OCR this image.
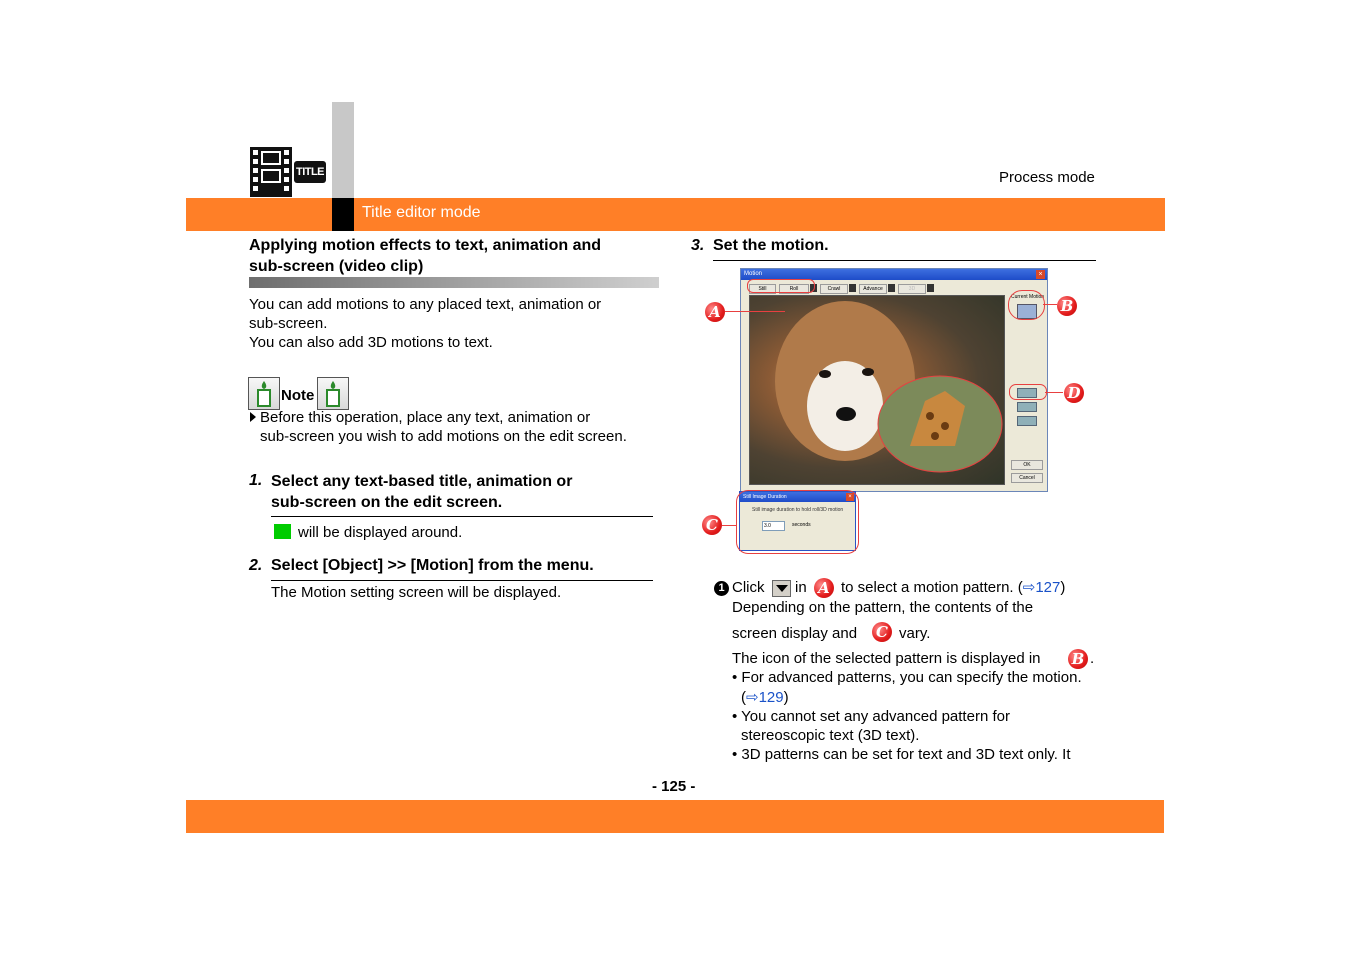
TITLE	Process mode
Title editor mode
Applying motion effects to text, animation and
sub-screen (video clip)
You can add motions to any placed text, animation or
sub-screen.
You can also add 3D motions to text.
Note
Before this operation, place any text, animation or
sub-screen you wish to add motions on the edit screen.
1. Select any text-based title, animation or
sub-screen on the edit screen.
will be displayed around.
2. Select [Object] >> [Motion] from the menu.
The Motion setting screen will be displayed.
3. Set the motion.
Motion	×
Still	Roll	Crawl	Advance	3D
Current Motion
OK
Cancel
Still Image Duration	×
Still image duration to hold roll/3D motion
3.0	seconds
A	B
D
C
1 Click in A to select a motion pattern. (⇨127)
Depending on the pattern, the contents of the
screen display and C vary.
The icon of the selected pattern is displayed in B .
• For advanced patterns, you can specify the motion.
(⇨129)
• You cannot set any advanced pattern for
stereoscopic text (3D text).
• 3D patterns can be set for text and 3D text only. It
- 125 -
